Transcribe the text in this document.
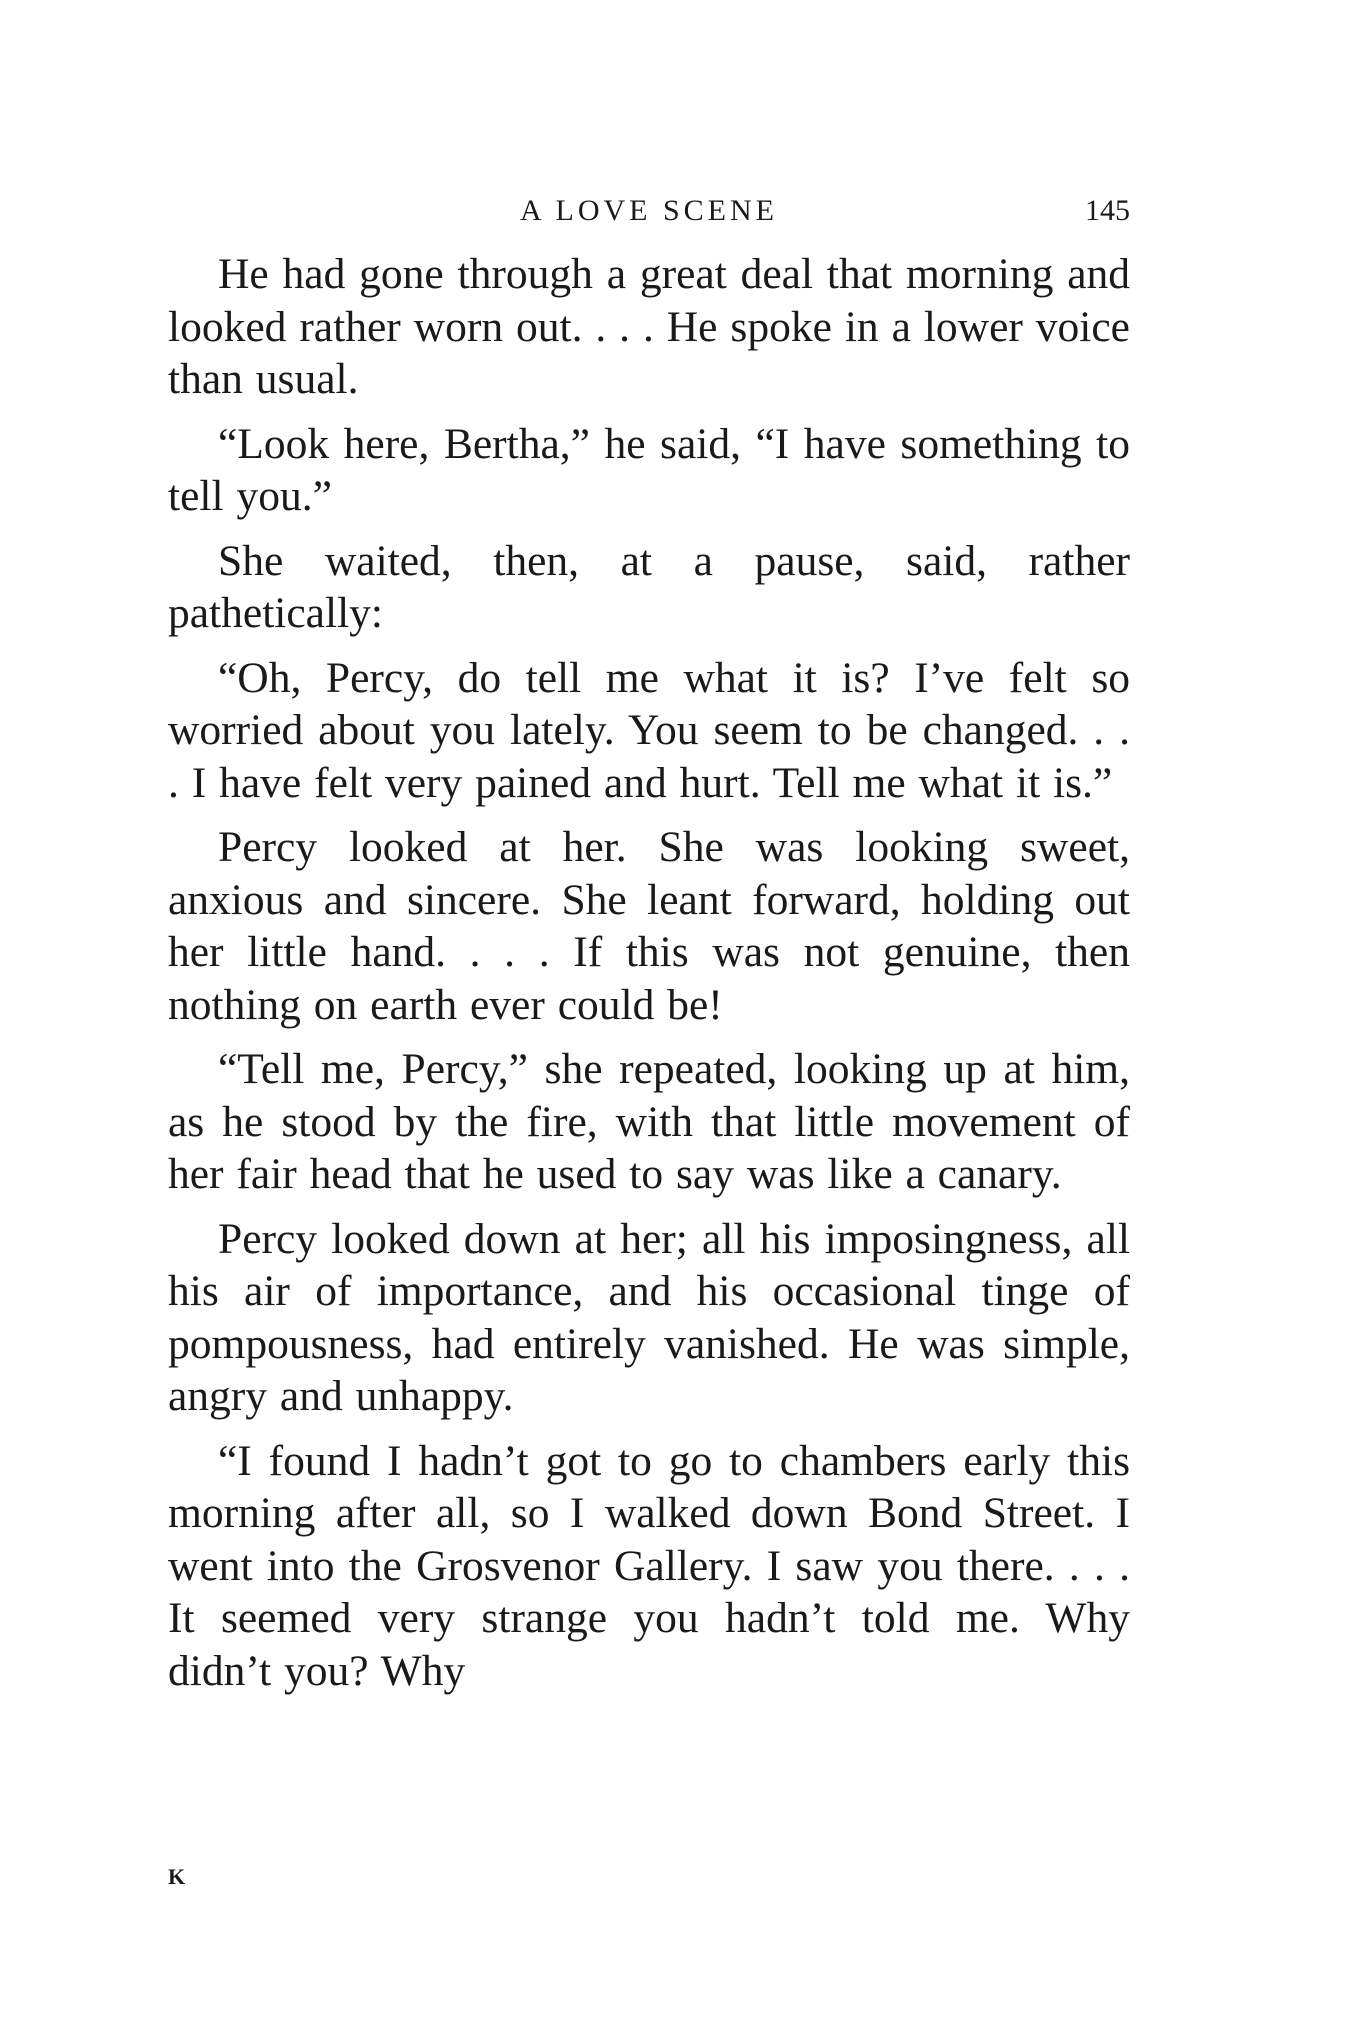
A LOVE SCENE	145

He had gone through a great deal that morning and looked rather worn out. . . . He spoke in a lower voice than usual.

“Look here, Bertha,” he said, “I have something to tell you.”

She waited, then, at a pause, said, rather pathetically:

“Oh, Percy, do tell me what it is? I’ve felt so worried about you lately. You seem to be changed. . . . I have felt very pained and hurt. Tell me what it is.”

Percy looked at her. She was looking sweet, anxious and sincere. She leant forward, holding out her little hand. . . . If this was not genuine, then nothing on earth ever could be!

“Tell me, Percy,” she repeated, looking up at him, as he stood by the fire, with that little movement of her fair head that he used to say was like a canary.

Percy looked down at her; all his imposingness, all his air of importance, and his occasional tinge of pompousness, had entirely vanished. He was simple, angry and unhappy.

“I found I hadn’t got to go to chambers early this morning after all, so I walked down Bond Street. I went into the Grosvenor Gallery. I saw you there. . . . It seemed very strange you hadn’t told me. Why didn’t you? Why

K
